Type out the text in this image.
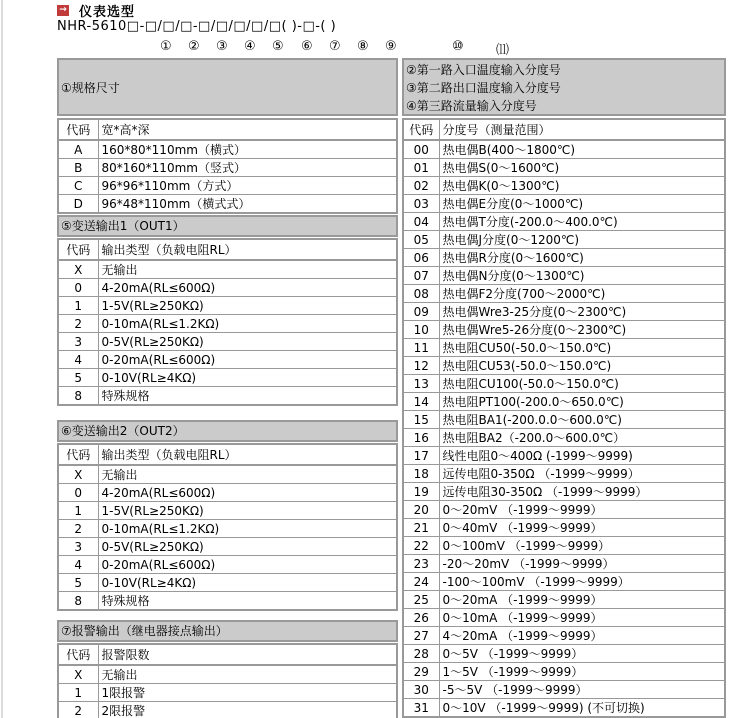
→ 仪表选型
NHR-5610□-□/□/□-□/□/□/□/□( )-□-( )
① ② ③ ④ ⑤ ⑥ ⑦ ⑧ ⑨	⑩ ⑾
①规格尺寸
代码	宽*高*深
A	160*80*110mm（横式）
B	80*160*110mm（竖式）
C	96*96*110mm（方式）
D	96*48*110mm（横式式）
⑤变送输出1（OUT1）
代码	输出类型（负载电阻RL）
X	无输出
0	4-20mA(RL≤600Ω)
1	1-5V(RL≥250KΩ)
2	0-10mA(RL≤1.2KΩ)
3	0-5V(RL≥250KΩ)
4	0-20mA(RL≤600Ω)
5	0-10V(RL≥4KΩ)
8	特殊规格
⑥变送输出2（OUT2）
代码	输出类型（负载电阻RL）
X	无输出
0	4-20mA(RL≤600Ω)
1	1-5V(RL≥250KΩ)
2	0-10mA(RL≤1.2KΩ)
3	0-5V(RL≥250KΩ)
4	0-20mA(RL≤600Ω)
5	0-10V(RL≥4KΩ)
8	特殊规格
⑦报警输出（继电器接点输出）
代码	报警限数
X	无输出
1	1限报警
2	2限报警
②第一路入口温度输入分度号
③第二路出口温度输入分度号
④第三路流量输入分度号
代码	分度号（测量范围）
00	热电偶B(400～1800℃)
01	热电偶S(0～1600℃)
02	热电偶K(0～1300℃)
03	热电偶E分度(0～1000℃)
04	热电偶T分度(-200.0～400.0℃)
05	热电偶J分度(0～1200℃)
06	热电偶R分度(0～1600℃)
07	热电偶N分度(0～1300℃)
08	热电偶F2分度(700～2000℃)
09	热电偶Wre3-25分度(0～2300℃)
10	热电偶Wre5-26分度(0～2300℃)
11	热电阻CU50(-50.0～150.0℃)
12	热电阻CU53(-50.0～150.0℃)
13	热电阻CU100(-50.0～150.0℃)
14	热电阻PT100(-200.0～650.0℃)
15	热电阻BA1(-200.0.0～600.0℃)
16	热电阻BA2（-200.0～600.0℃）
17	线性电阻0～400Ω (-1999～9999)
18	远传电阻0-350Ω （-1999～9999）
19	远传电阻30-350Ω （-1999～9999）
20	0～20mV （-1999～9999）
21	0～40mV （-1999～9999）
22	0～100mV （-1999～9999）
23	-20～20mV （-1999～9999）
24	-100～100mV （-1999～9999）
25	0～20mA （-1999～9999）
26	0～10mA （-1999～9999）
27	4～20mA （-1999～9999）
28	0～5V （-1999～9999）
29	1～5V （-1999～9999）
30	-5～5V （-1999～9999）
31	0～10V （-1999～9999) (不可切换)
